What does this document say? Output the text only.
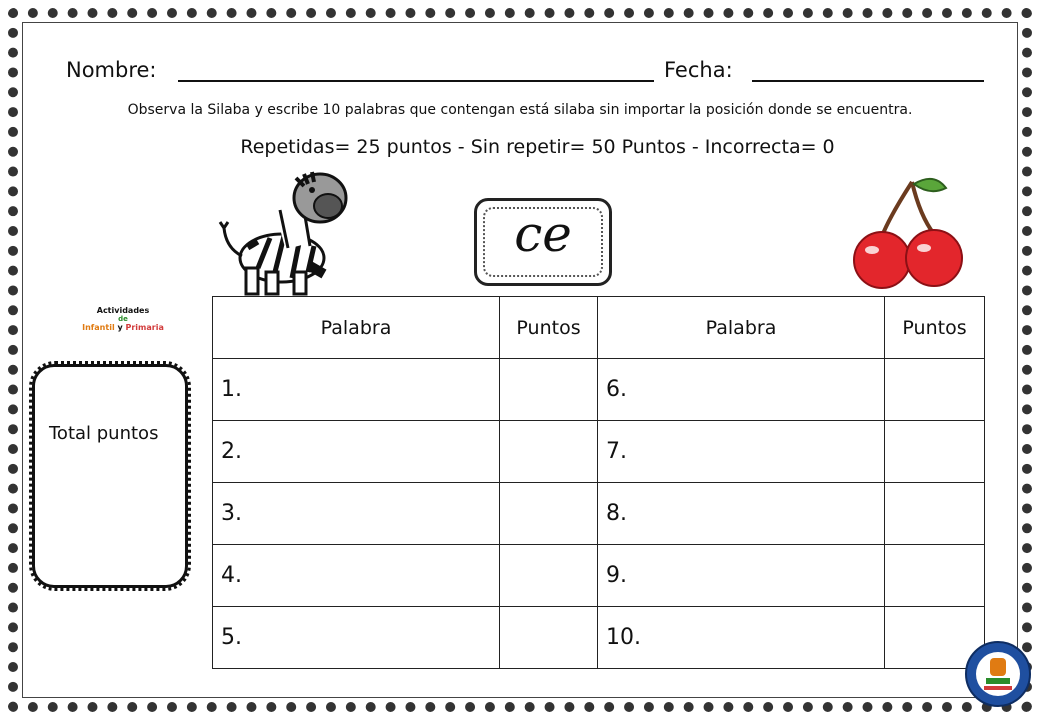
Nombre:	Fecha:
Observa la Silaba y escribe 10 palabras que contengan está silaba sin importar la posición donde se encuentra.
Repetidas= 25 puntos - Sin repetir= 50 Puntos - Incorrecta= 0
ce
Actividades
de
Infantil y Primaria
Total puntos
Palabra	Puntos	Palabra	Puntos
1.		6.	
2.		7.	
3.		8.	
4.		9.	
5.		10.	
